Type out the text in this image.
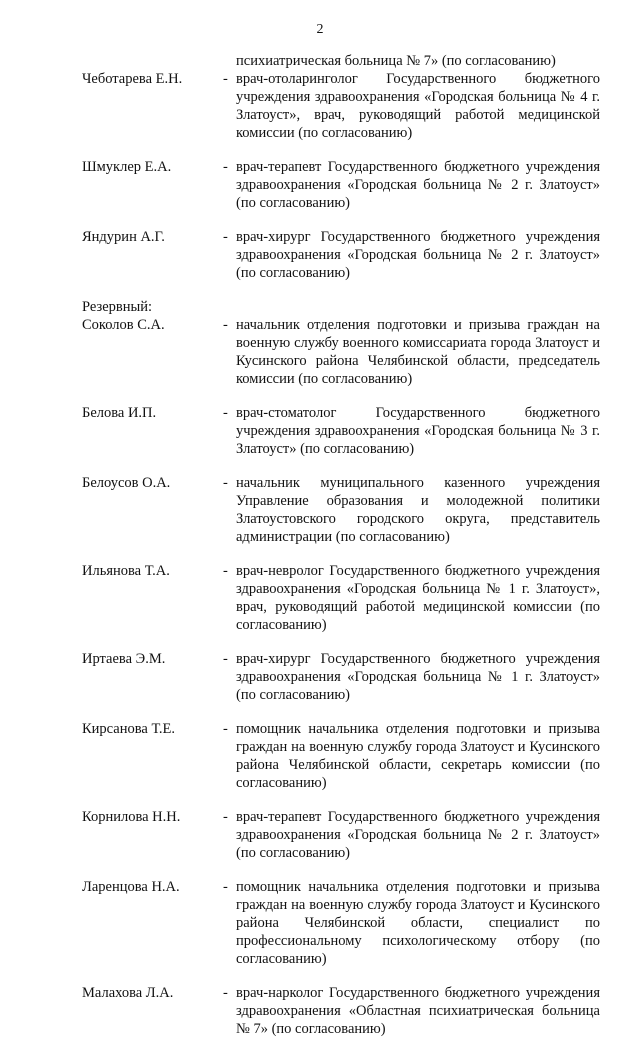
2
психиатрическая больница № 7» (по согласованию)
Чеботарева Е.Н.	- врач-отоларинголог Государственного бюджетного учреждения здравоохранения «Городская больница № 4 г. Златоуст», врач, руководящий работой медицинской комиссии (по согласованию)
Шмуклер Е.А.	- врач-терапевт Государственного бюджетного учреждения здравоохранения «Городская больница № 2 г. Златоуст» (по согласованию)
Яндурин А.Г.	- врач-хирург Государственного бюджетного учреждения здравоохранения «Городская больница № 2 г. Златоуст» (по согласованию)
Резервный:
Соколов С.А.	- начальник отделения подготовки и призыва граждан на военную службу военного комиссариата города Златоуст и Кусинского района Челябинской области, председатель комиссии (по согласованию)
Белова И.П.	- врач-стоматолог Государственного бюджетного учреждения здравоохранения «Городская больница № 3 г. Златоуст» (по согласованию)
Белоусов О.А.	- начальник муниципального казенного учреждения Управление образования и молодежной политики Златоустовского городского округа, представитель администрации (по согласованию)
Ильянова Т.А.	- врач-невролог Государственного бюджетного учреждения здравоохранения «Городская больница № 1 г. Златоуст», врач, руководящий работой медицинской комиссии (по согласованию)
Иртаева Э.М.	- врач-хирург Государственного бюджетного учреждения здравоохранения «Городская больница № 1 г. Златоуст» (по согласованию)
Кирсанова Т.Е.	- помощник начальника отделения подготовки и призыва граждан на военную службу города Златоуст и Кусинского района Челябинской области, секретарь комиссии (по согласованию)
Корнилова Н.Н.	- врач-терапевт Государственного бюджетного учреждения здравоохранения «Городская больница № 2 г. Златоуст» (по согласованию)
Ларенцова Н.А.	- помощник начальника отделения подготовки и призыва граждан на военную службу города Златоуст и Кусинского района Челябинской области, специалист по профессиональному психологическому отбору (по согласованию)
Малахова Л.А.	- врач-нарколог Государственного бюджетного учреждения здравоохранения «Областная психиатрическая больница № 7» (по согласованию)
